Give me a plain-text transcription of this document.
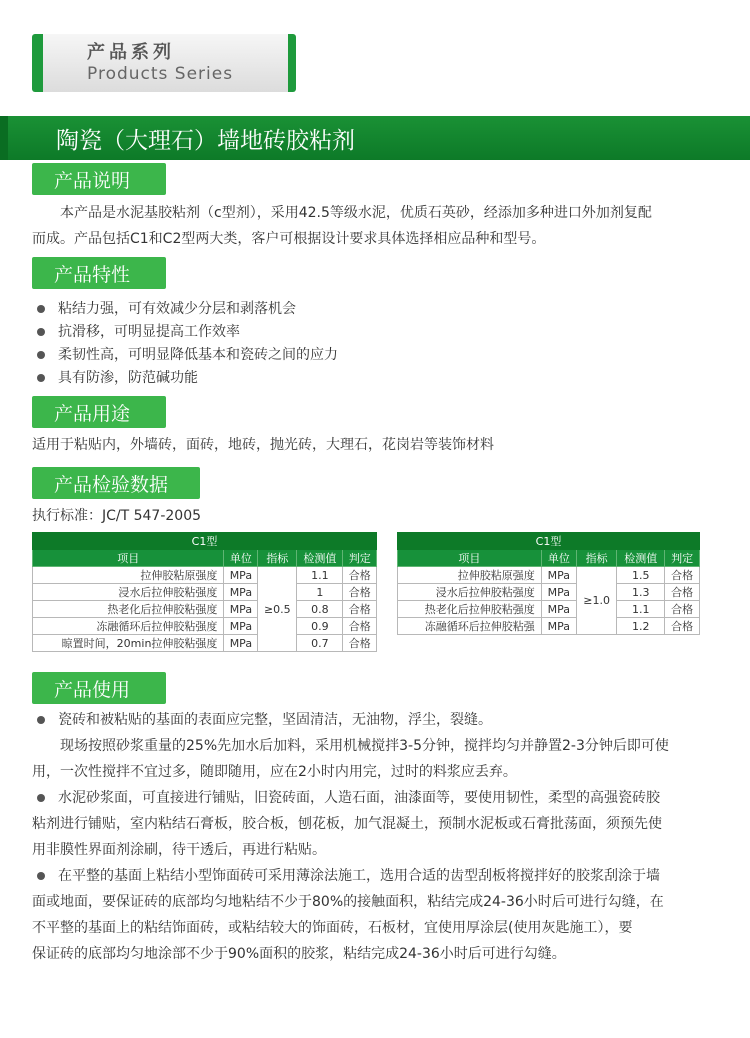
产品系列
Products Series
陶瓷（大理石）墙地砖胶粘剂
产品说明
本产品是水泥基胶粘剂（c型剂），采用42.5等级水泥，优质石英砂，经添加多种进口外加剂复配
而成。产品包括C1和C2型两大类，客户可根据设计要求具体选择相应品种和型号。
产品特性
粘结力强，可有效减少分层和剥落机会
抗滑移，可明显提高工作效率
柔韧性高，可明显降低基本和瓷砖之间的应力
具有防渗，防范碱功能
产品用途
适用于粘贴内，外墙砖，面砖，地砖，抛光砖，大理石，花岗岩等装饰材料
产品检验数据
执行标准：JC/T 547-2005
C1型				
项目	单位	指标	检测值	判定
拉伸胶粘原强度	MPa	≥0.5	1.1	合格
浸水后拉伸胶粘强度	MPa		1	合格
热老化后拉伸胶粘强度	MPa		0.8	合格
冻融循环后拉伸胶粘强度	MPa		0.9	合格
晾置时间，20min拉伸胶粘强度	MPa		0.7	合格
C1型				
项目	单位	指标	检测值	判定
拉伸胶粘原强度	MPa	≥1.0	1.5	合格
浸水后拉伸胶粘强度	MPa		1.3	合格
热老化后拉伸胶粘强度	MPa		1.1	合格
冻融循环后拉伸胶粘强	MPa		1.2	合格
产品使用
瓷砖和被粘贴的基面的表面应完整，坚固清洁，无油物，浮尘，裂缝。
现场按照砂浆重量的25%先加水后加料，采用机械搅拌3-5分钟，搅拌均匀并静置2-3分钟后即可使
用，一次性搅拌不宜过多，随即随用，应在2小时内用完，过时的料浆应丢弃。
水泥砂浆面，可直接进行铺贴，旧瓷砖面，人造石面，油漆面等，要使用韧性，柔型的高强瓷砖胶
粘剂进行铺贴，室内粘结石膏板，胶合板，刨花板，加气混凝土，预制水泥板或石膏批荡面，须预先使
用非膜性界面剂涂刷，待干透后，再进行粘贴。
在平整的基面上粘结小型饰面砖可采用薄涂法施工，选用合适的齿型刮板将搅拌好的胶浆刮涂于墙
面或地面，要保证砖的底部均匀地粘结不少于80%的接触面积，粘结完成24-36小时后可进行勾缝，在
不平整的基面上的粘结饰面砖，或粘结较大的饰面砖，石板材，宜使用厚涂层(使用灰匙施工），要
保证砖的底部均匀地涂部不少于90%面积的胶浆，粘结完成24-36小时后可进行勾缝。
